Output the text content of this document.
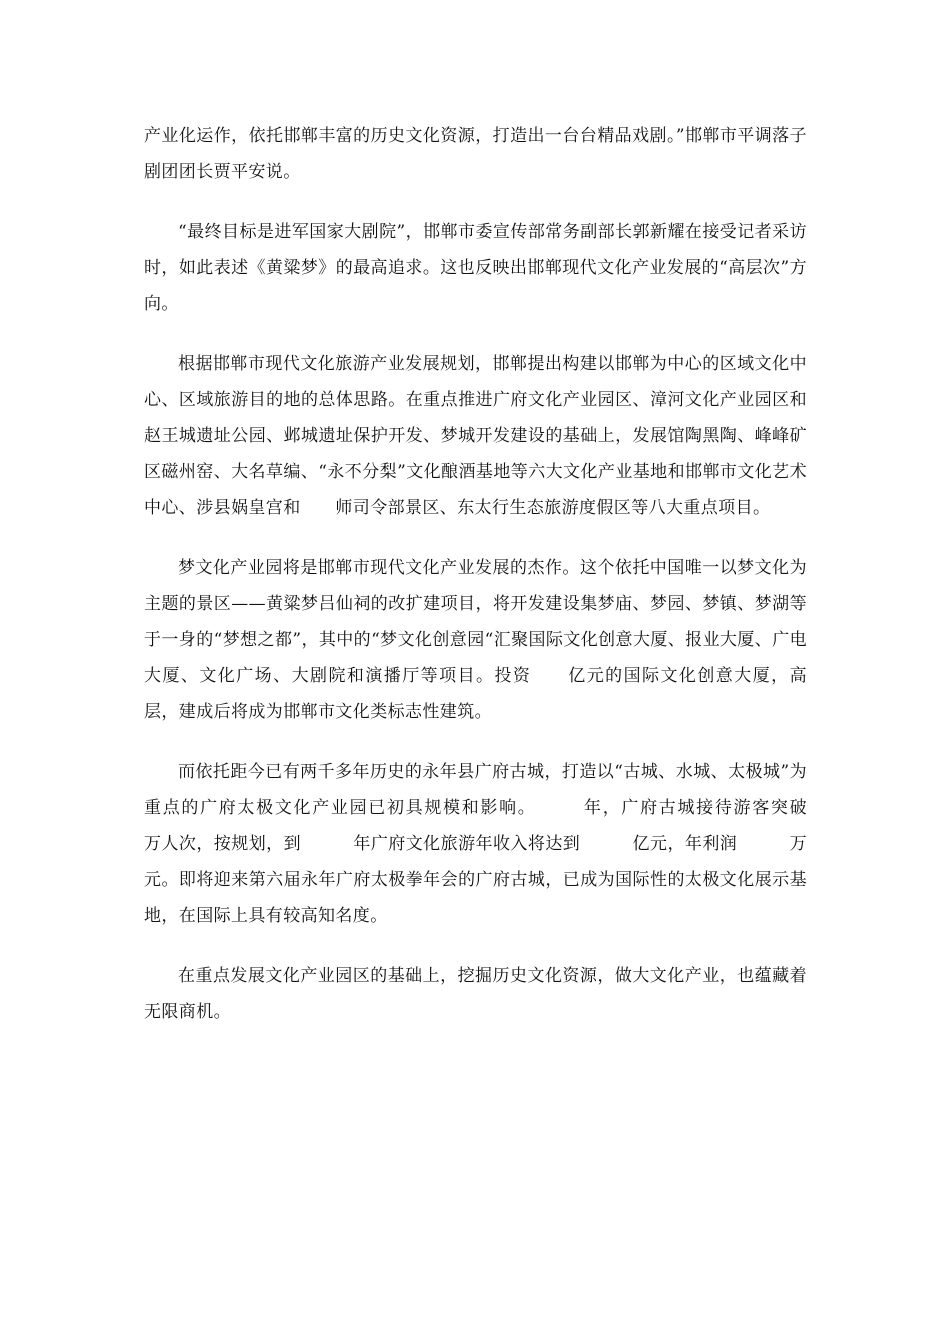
产业化运作，依托邯郸丰富的历史文化资源，打造出一台台精品戏剧。”邯郸市平调落子剧团团长贾平安说。

“最终目标是进军国家大剧院”，邯郸市委宣传部常务副部长郭新耀在接受记者采访时，如此表述《黄粱梦》的最高追求。这也反映出邯郸现代文化产业发展的“高层次”方向。

根据邯郸市现代文化旅游产业发展规划，邯郸提出构建以邯郸为中心的区域文化中心、区域旅游目的地的总体思路。在重点推进广府文化产业园区、漳河文化产业园区和赵王城遗址公园、邺城遗址保护开发、梦城开发建设的基础上，发展馆陶黑陶、峰峰矿区磁州窑、大名草编、“永不分梨”文化酿酒基地等六大文化产业基地和邯郸市文化艺术中心、涉县娲皇宫和　　师司令部景区、东太行生态旅游度假区等八大重点项目。

梦文化产业园将是邯郸市现代文化产业发展的杰作。这个依托中国唯一以梦文化为主题的景区——黄粱梦吕仙祠的改扩建项目，将开发建设集梦庙、梦园、梦镇、梦湖等于一身的“梦想之都”，其中的“梦文化创意园“汇聚国际文化创意大厦、报业大厦、广电大厦、文化广场、大剧院和演播厅等项目。投资　　亿元的国际文化创意大厦，高　　层，建成后将成为邯郸市文化类标志性建筑。

而依托距今已有两千多年历史的永年县广府古城，打造以“古城、水城、太极城”为重点的广府太极文化产业园已初具规模和影响。　　　年，广府古城接待游客突破　　万人次，按规划，到　　　年广府文化旅游年收入将达到　　　亿元，年利润　　　万元。即将迎来第六届永年广府太极拳年会的广府古城，已成为国际性的太极文化展示基地，在国际上具有较高知名度。

在重点发展文化产业园区的基础上，挖掘历史文化资源，做大文化产业，也蕴藏着无限商机。
